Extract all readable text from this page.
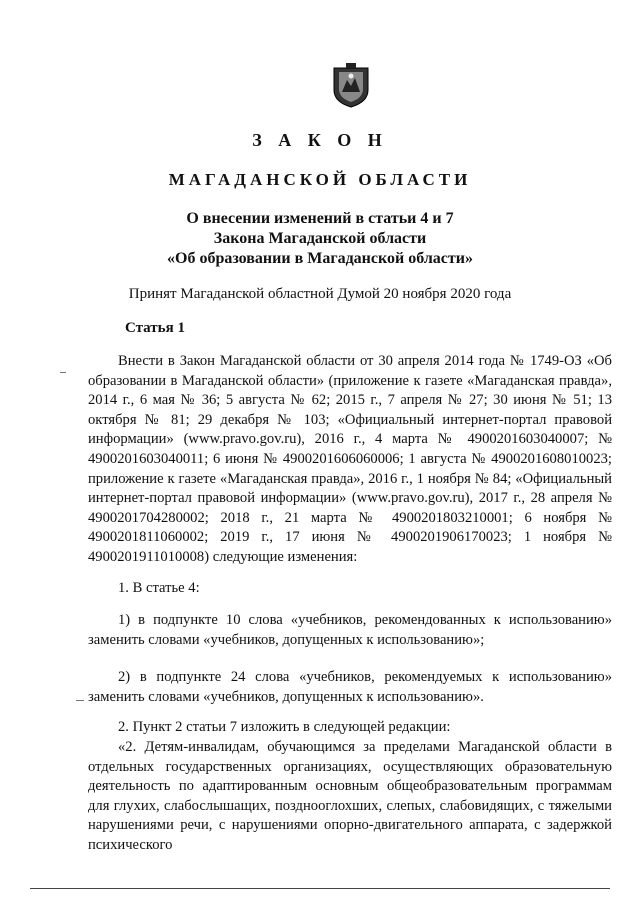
З А К О Н
МАГАДАНСКОЙ ОБЛАСТИ
О внесении изменений в статьи 4 и 7
Закона Магаданской области
«Об образовании в Магаданской области»
Принят Магаданской областной Думой 20 ноября 2020 года
Статья 1
Внести в Закон Магаданской области от 30 апреля 2014 года № 1749-ОЗ «Об образовании в Магаданской области» (приложение к газете «Магаданская правда», 2014 г., 6 мая № 36; 5 августа № 62; 2015 г., 7 апреля № 27; 30 июня № 51; 13 октября № 81; 29 декабря № 103; «Официальный интернет-портал правовой информации» (www.pravo.gov.ru), 2016 г., 4 марта № 4900201603040007; № 4900201603040011; 6 июня № 4900201606060006; 1 августа № 4900201608010023; приложение к газете «Магаданская правда», 2016 г., 1 ноября № 84; «Официальный интернет-портал правовой информации» (www.pravo.gov.ru), 2017 г., 28 апреля № 4900201704280002; 2018 г., 21 марта № 4900201803210001; 6 ноября № 4900201811060002; 2019 г., 17 июня № 4900201906170023; 1 ноября № 4900201911010008) следующие изменения:
1. В статье 4:
1) в подпункте 10 слова «учебников, рекомендованных к использованию» заменить словами «учебников, допущенных к использованию»;
2) в подпункте 24 слова «учебников, рекомендуемых к использованию» заменить словами «учебников, допущенных к использованию».
2. Пункт 2 статьи 7 изложить в следующей редакции:
«2. Детям-инвалидам, обучающимся за пределами Магаданской области в отдельных государственных организациях, осуществляющих образовательную деятельность по адаптированным основным общеобразовательным программам для глухих, слабослышащих, позднооглохших, слепых, слабовидящих, с тяжелыми нарушениями речи, с нарушениями опорно-двигательного аппарата, с задержкой психического
